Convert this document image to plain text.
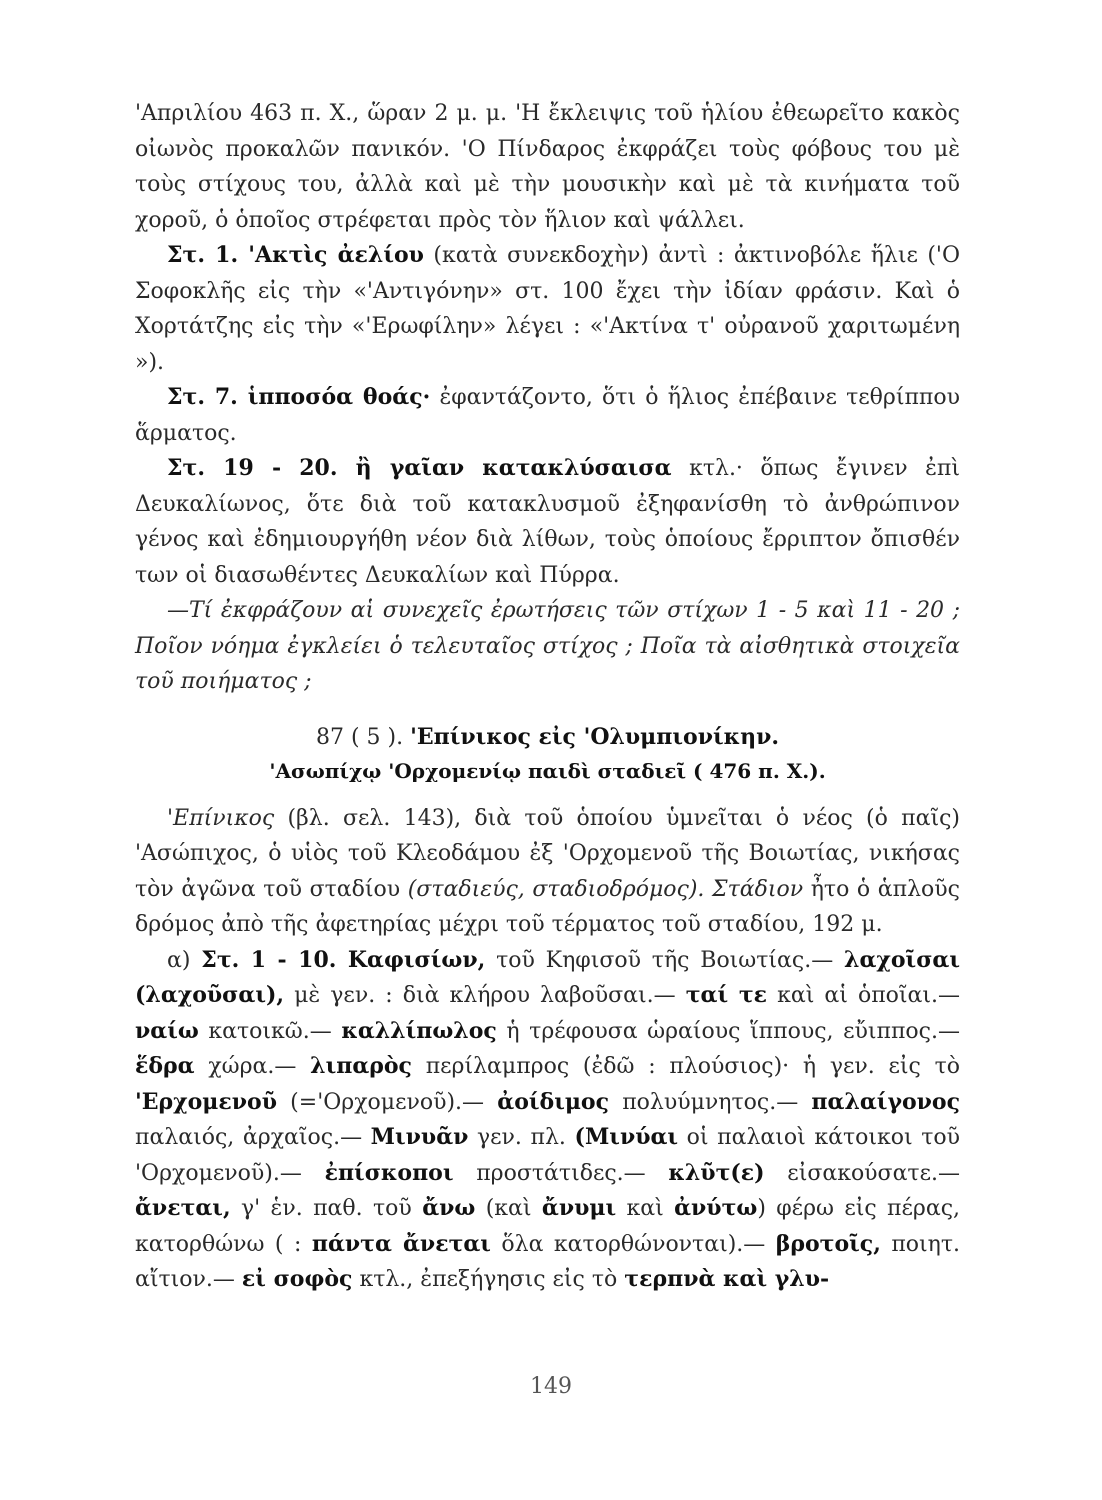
'Απριλίου 463 π. Χ., ὥραν 2 μ. μ. 'Η ἔκλειψις τοῦ ἡλίου ἐθεωρεῖτο κακὸς οἰωνὸς προκαλῶν πανικόν. 'Ο Πίνδαρος ἐκφράζει τοὺς φόβους του μὲ τοὺς στίχους του, ἀλλὰ καὶ μὲ τὴν μουσικὴν καὶ μὲ τὰ κινήματα τοῦ χοροῦ, ὁ ὁποῖος στρέφεται πρὸς τὸν ἥλιον καὶ ψάλλει.

Στ. 1. 'Ακτὶς ἀελίου (κατὰ συνεκδοχὴν) ἀντὶ : ἀκτινοβόλε ἥλιε ('Ο Σοφοκλῆς εἰς τὴν «'Αντιγόνην» στ. 100 ἔχει τὴν ἰδίαν φράσιν. Καὶ ὁ Χορτάτζης εἰς τὴν «'Ερωφίλην» λέγει : «'Ακτίνα τ' οὐρανοῦ χαριτωμένη »).

Στ. 7. ἱπποσόα θοάς· ἐφαντάζοντο, ὅτι ὁ ἥλιος ἐπέβαινε τεθρίππου ἅρματος.

Στ. 19 - 20. ἢ γαῖαν κατακλύσαισα κτλ.· ὅπως ἔγινεν ἐπὶ Δευκαλίωνος, ὅτε διὰ τοῦ κατακλυσμοῦ ἐξηφανίσθη τὸ ἀνθρώπινον γένος καὶ ἐδημιουργήθη νέον διὰ λίθων, τοὺς ὁποίους ἔρριπτον ὄπισθέν των οἱ διασωθέντες Δευκαλίων καὶ Πύρρα.

—Τί ἐκφράζουν αἱ συνεχεῖς ἐρωτήσεις τῶν στίχων 1 - 5 καὶ 11 - 20 ; Ποῖον νόημα ἐγκλείει ὁ τελευταῖος στίχος ; Ποῖα τὰ αἰσθητικὰ στοιχεῖα τοῦ ποιήματος ;

87 ( 5 ). 'Επίνικος εἰς 'Ολυμπιονίκην.

'Ασωπίχῳ 'Ορχομενίῳ παιδὶ σταδιεῖ ( 476 π. Χ.).

'Επίνικος (βλ. σελ. 143), διὰ τοῦ ὁποίου ὑμνεῖται ὁ νέος (ὁ παῖς) 'Ασώπιχος, ὁ υἱὸς τοῦ Κλεοδάμου ἐξ 'Ορχομενοῦ τῆς Βοιωτίας, νικήσας τὸν ἀγῶνα τοῦ σταδίου (σταδιεύς, σταδιοδρόμος). Στάδιον ἦτο ὁ ἁπλοῦς δρόμος ἀπὸ τῆς ἀφετηρίας μέχρι τοῦ τέρματος τοῦ σταδίου, 192 μ.

α) Στ. 1 - 10. Καφισίων, τοῦ Κηφισοῦ τῆς Βοιωτίας.— λαχοῖσαι (λαχοῦσαι), μὲ γεν. : διὰ κλήρου λαβοῦσαι.— ταί τε καὶ αἱ ὁποῖαι.— ναίω κατοικῶ.— καλλίπωλος ἡ τρέφουσα ὡραίους ἵππους, εὔιππος.— ἕδρα χώρα.— λιπαρὸς περίλαμπρος (ἐδῶ : πλούσιος)· ἡ γεν. εἰς τὸ 'Ερχομενοῦ (='Ορχομενοῦ).— ἀοίδιμος πολυύμνητος.— παλαίγονος παλαιός, ἀρχαῖος.— Μινυᾶν γεν. πλ. (Μινύαι οἱ παλαιοὶ κάτοικοι τοῦ 'Ορχομενοῦ).— ἐπίσκοποι προστάτιδες.— κλῦτ(ε) εἰσακούσατε.— ἄνεται, γ' ἑν. παθ. τοῦ ἄνω (καὶ ἄνυμι καὶ ἀνύτω) φέρω εἰς πέρας, κατορθώνω ( : πάντα ἄνεται ὅλα κατορθώνονται).— βροτοῖς, ποιητ. αἴτιον.— εἰ σοφὸς κτλ., ἐπεξήγησις εἰς τὸ τερπνὰ καὶ γλυ-

149
